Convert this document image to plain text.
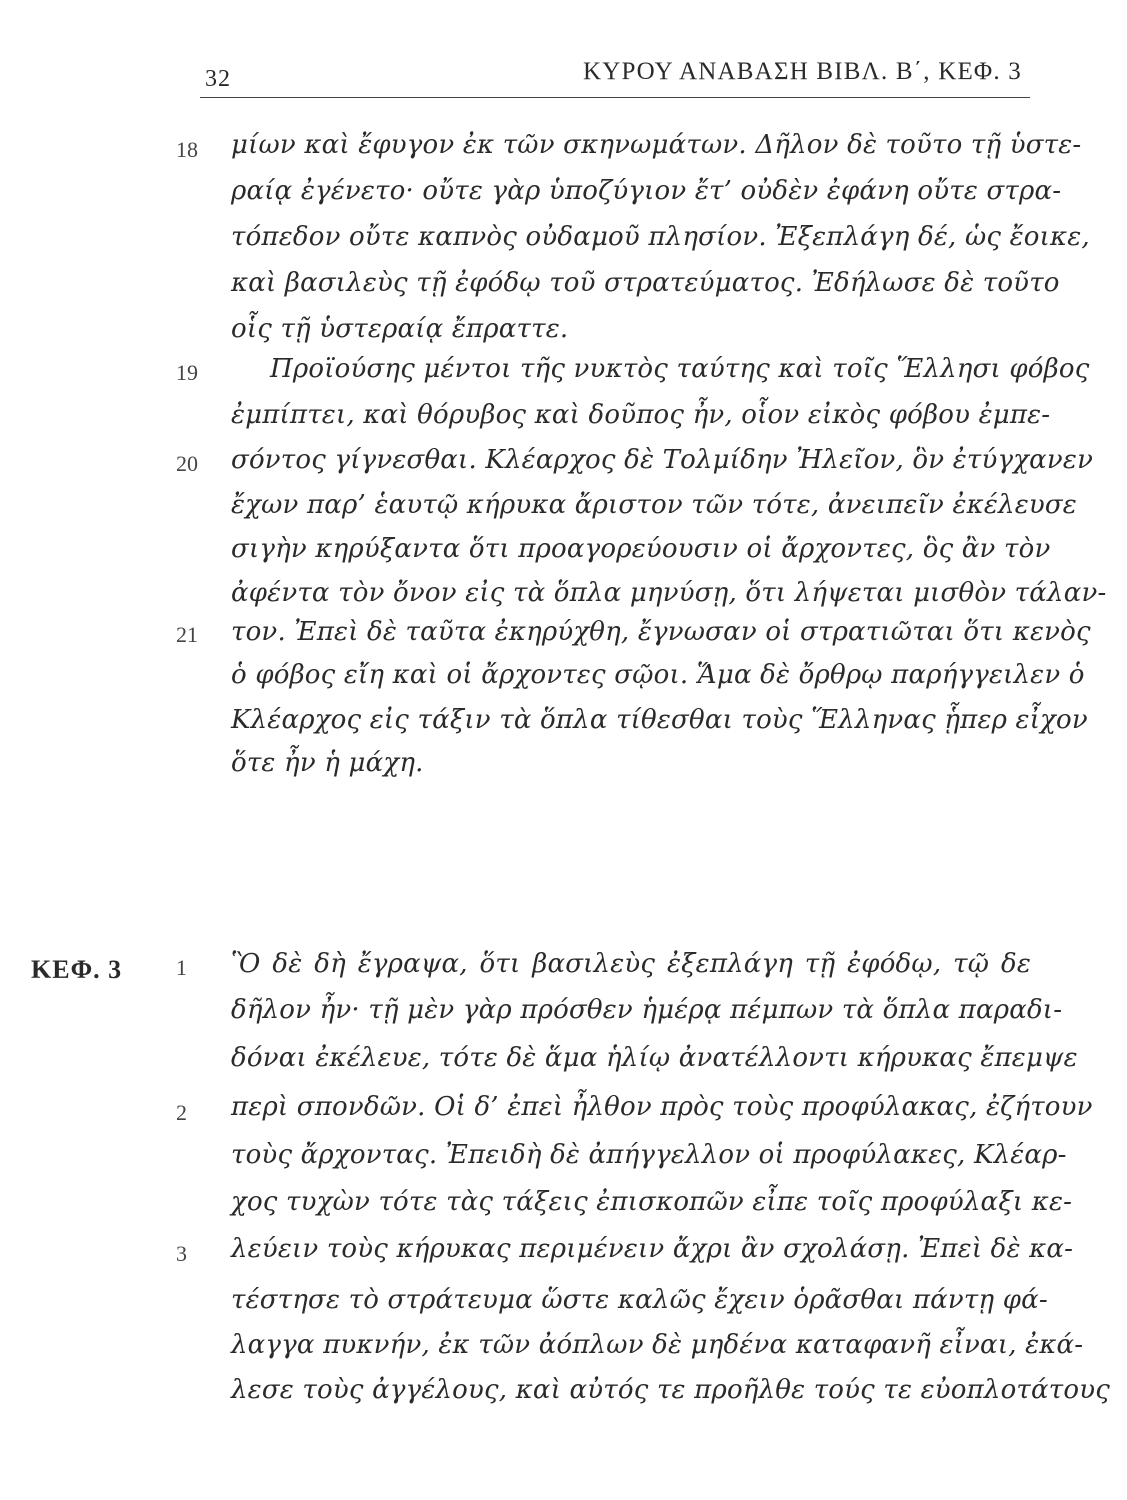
32	ΚΥΡΟΥ ΑΝΑΒΑΣΗ ΒΙΒΛ. Β΄, ΚΕΦ. 3
18
19
20
21
1
2
3
ΚΕΦ. 3
μίων καὶ ἔφυγον ἐκ τῶν σκηνωμάτων. Δῆλον δὲ τοῦτο τῇ ὑστε-
ραίᾳ ἐγένετο· οὔτε γὰρ ὑποζύγιον ἔτ’ οὐδὲν ἐφάνη οὔτε στρα-
τόπεδον οὔτε καπνὸς οὐδαμοῦ πλησίον. Ἐξεπλάγη δέ, ὡς ἔοικε,
καὶ βασιλεὺς τῇ ἐφόδῳ τοῦ στρατεύματος. Ἐδήλωσε δὲ τοῦτο
οἷς τῇ ὑστεραίᾳ ἔπραττε.
Προϊούσης μέντοι τῆς νυκτὸς ταύτης καὶ τοῖς Ἕλλησι φόβος
ἐμπίπτει, καὶ θόρυβος καὶ δοῦπος ἦν, οἷον εἰκὸς φόβου ἐμπε-
σόντος γίγνεσθαι. Κλέαρχος δὲ Τολμίδην Ἠλεῖον, ὃν ἐτύγχανεν
ἔχων παρ’ ἑαυτῷ κήρυκα ἄριστον τῶν τότε, ἀνειπεῖν ἐκέλευσε
σιγὴν κηρύξαντα ὅτι προαγορεύουσιν οἱ ἄρχοντες, ὃς ἂν τὸν
ἀφέντα τὸν ὄνον εἰς τὰ ὅπλα μηνύσῃ, ὅτι λήψεται μισθὸν τάλαν-
τον. Ἐπεὶ δὲ ταῦτα ἐκηρύχθη, ἔγνωσαν οἱ στρατιῶται ὅτι κενὸς
ὁ φόβος εἴη καὶ οἱ ἄρχοντες σῷοι. Ἅμα δὲ ὄρθρῳ παρήγγειλεν ὁ
Κλέαρχος εἰς τάξιν τὰ ὅπλα τίθεσθαι τοὺς Ἕλληνας ᾗπερ εἶχον
ὅτε ἦν ἡ μάχη.
Ὃ δὲ δὴ ἔγραψα, ὅτι βασιλεὺς ἐξεπλάγη τῇ ἐφόδῳ, τῷ δε
δῆλον ἦν· τῇ μὲν γὰρ πρόσθεν ἡμέρᾳ πέμπων τὰ ὅπλα παραδι-
δόναι ἐκέλευε, τότε δὲ ἅμα ἡλίῳ ἀνατέλλοντι κήρυκας ἔπεμψε
περὶ σπονδῶν. Οἱ δ’ ἐπεὶ ἦλθον πρὸς τοὺς προφύλακας, ἐζήτουν
τοὺς ἄρχοντας. Ἐπειδὴ δὲ ἀπήγγελλον οἱ προφύλακες, Κλέαρ-
χος τυχὼν τότε τὰς τάξεις ἐπισκοπῶν εἶπε τοῖς προφύλαξι κε-
λεύειν τοὺς κήρυκας περιμένειν ἄχρι ἂν σχολάσῃ. Ἐπεὶ δὲ κα-
τέστησε τὸ στράτευμα ὥστε καλῶς ἔχειν ὁρᾶσθαι πάντῃ φά-
λαγγα πυκνήν, ἐκ τῶν ἀόπλων δὲ μηδένα καταφανῆ εἶναι, ἐκά-
λεσε τοὺς ἀγγέλους, καὶ αὐτός τε προῆλθε τούς τε εὐοπλοτάτους
